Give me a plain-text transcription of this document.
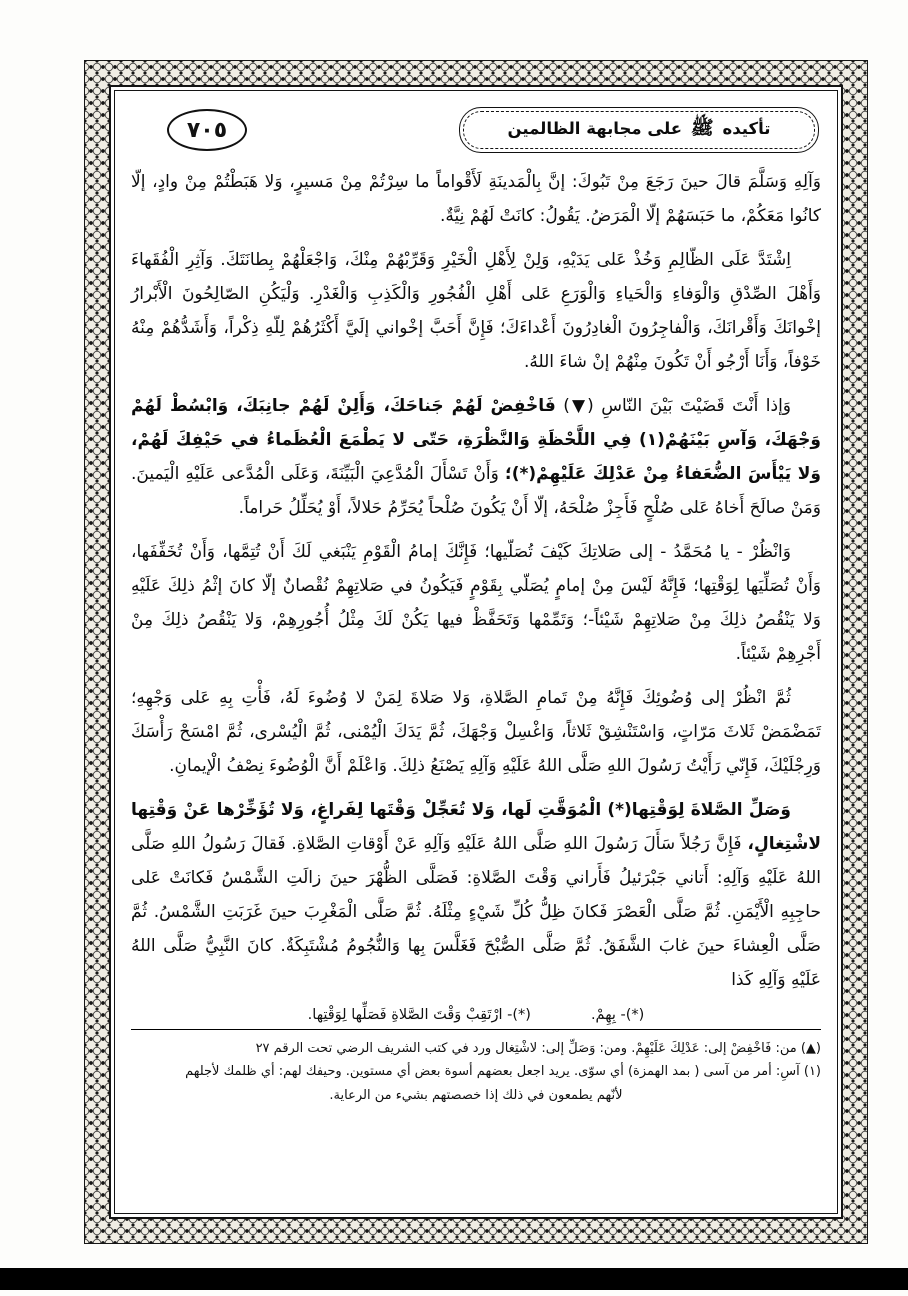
٧٠٥	تأكيده ﷺ على مجابهة الظالمين

وَآلِهِ وَسَلَّمَ قالَ حينَ رَجَعَ مِنْ تَبُوكَ: إنَّ بِالْمَدينَةِ لَأَقْواماً ما سِرْتُمْ مِنْ مَسيرٍ، وَلا هَبَطْتُمْ مِنْ وادٍ، إلّا كانُوا مَعَكُمْ، ما حَبَسَهُمْ إلّا الْمَرَضُ. يَقُولُ: كانَتْ لَهُمْ نِيَّةٌ.

اِشْتَدَّ عَلَى الظّالِمِ وَخُذْ عَلى يَدَيْهِ، وَلِنْ لِأَهْلِ الْخَيْرِ وَقَرِّبْهُمْ مِنْكَ، وَاجْعَلْهُمْ بِطانَتَكَ. وَآثِرِ الْفُقَهاءَ وَأَهْلَ الصِّدْقِ وَالْوَفاءِ وَالْحَياءِ وَالْوَرَعِ عَلى أَهْلِ الْفُجُورِ وَالْكَذِبِ وَالْغَدْرِ. وَلْيَكُنِ الصّالِحُونَ الْأَبْرارُ إخْوانَكَ وَأَقْرانَكَ، وَالْفاجِرُونَ الْغادِرُونَ أَعْداءَكَ؛ فَإِنَّ أَحَبَّ إخْواني إلَيَّ أَكْثَرُهُمْ لِلّهِ ذِكْراً، وَأَشَدُّهُمْ مِنْهُ خَوْفاً، وَأَنَا أَرْجُو أَنْ تَكُونَ مِنْهُمْ إنْ شاءَ اللهُ.

وَإذا أَنْتَ قَضَيْتَ بَيْنَ النّاسِ (▼) فَاخْفِضْ لَهُمْ جَناحَكَ، وَأَلِنْ لَهُمْ جانِبَكَ، وَابْسُطْ لَهُمْ وَجْهَكَ، وَآسِ بَيْنَهُمْ(١) فِي اللَّحْظَةِ وَالنَّظْرَةِ، حَتّى لا يَطْمَعَ الْعُظَماءُ في حَيْفِكَ لَهُمْ، وَلا يَيْأَسَ الضُّعَفاءُ مِنْ عَدْلِكَ عَلَيْهِمْ(*)؛ وَأَنْ تَسْأَلَ الْمُدَّعِيَ الْبَيِّنَةَ، وَعَلَى الْمُدَّعى عَلَيْهِ الْيَمينَ. وَمَنْ صالَحَ أَخاهُ عَلى صُلْحٍ فَأَجِزْ صُلْحَهُ، إلّا أَنْ يَكُونَ صُلْحاً يُحَرِّمُ حَلالاً، أَوْ يُحَلِّلُ حَراماً.

وَانْظُرْ - يا مُحَمَّدُ - إلى صَلاتِكَ كَيْفَ تُصَلّيها؛ فَإِنَّكَ إمامُ الْقَوْمِ يَنْبَغي لَكَ أَنْ تُتِمَّها، وَأَنْ تُخَفِّفَها، وَأَنْ تُصَلِّيَها لِوَقْتِها؛ فَإِنَّهُ لَيْسَ مِنْ إمامٍ يُصَلّي بِقَوْمٍ فَيَكُونُ في صَلاتِهِمْ نُقْصانٌ إلّا كانَ إثْمُ ذلِكَ عَلَيْهِ وَلا يَنْقُصُ ذلِكَ مِنْ صَلاتِهِمْ شَيْئاً-؛ وَتَمِّمْها وَتَحَفَّظْ فيها يَكُنْ لَكَ مِثْلُ أُجُورِهِمْ، وَلا يَنْقُصُ ذلِكَ مِنْ أَجْرِهِمْ شَيْئاً.

ثُمَّ انْظُرْ إلى وُضُوئِكَ فَإِنَّهُ مِنْ تَمامِ الصَّلاةِ، وَلا صَلاةَ لِمَنْ لا وُضُوءَ لَهُ، فَأْتِ بِهِ عَلى وَجْهِهِ؛ تَمَضْمَضْ ثَلاثَ مَرّاتٍ، وَاسْتَنْشِقْ ثَلاثاً، وَاغْسِلْ وَجْهَكَ، ثُمَّ يَدَكَ الْيُمْنى، ثُمَّ الْيُسْرى، ثُمَّ امْسَحْ رَأْسَكَ وَرِجْلَيْكَ، فَإِنّي رَأَيْتُ رَسُولَ اللهِ صَلَّى اللهُ عَلَيْهِ وَآلِهِ يَصْنَعُ ذلِكَ. وَاعْلَمْ أَنَّ الْوُضُوءَ نِصْفُ الْإيمانِ.

وَصَلِّ الصَّلاةَ لِوَقْتِها(*) الْمُوَقَّتِ لَها، وَلا تُعَجِّلْ وَقْتَها لِفَراغٍ، وَلا تُؤَخِّرْها عَنْ وَقْتِها لاشْتِغالٍ، فَإِنَّ رَجُلاً سَأَلَ رَسُولَ اللهِ صَلَّى اللهُ عَلَيْهِ وَآلِهِ عَنْ أَوْقاتِ الصَّلاةِ. فَقالَ رَسُولُ اللهِ صَلَّى اللهُ عَلَيْهِ وَآلِهِ: أَتاني جَبْرَئيلُ فَأَراني وَقْتَ الصَّلاةِ: فَصَلَّى الظُّهْرَ حينَ زالَتِ الشَّمْسُ فَكانَتْ عَلى حاجِبِهِ الْأَيْمَنِ. ثُمَّ صَلَّى الْعَصْرَ فَكانَ ظِلُّ كُلِّ شَيْءٍ مِثْلَهُ. ثُمَّ صَلَّى الْمَغْرِبَ حينَ غَرَبَتِ الشَّمْسُ. ثُمَّ صَلَّى الْعِشاءَ حينَ غابَ الشَّفَقُ. ثُمَّ صَلَّى الصُّبْحَ فَغَلَّسَ بِها وَالنُّجُومُ مُشْتَبِكَةٌ. كانَ النَّبِيُّ صَلَّى اللهُ عَلَيْهِ وَآلِهِ كَذا

(*)- بِهِمْ.
(*)- ارْتَقِبْ وَقْتَ الصَّلاةِ فَصَلِّها لِوَقْتِها.
(▲) من: فَاخْفِضْ إلى: عَدْلِكَ عَلَيْهِمْ. ومن: وَصَلِّ إلى: لاشْتِغال ورد في كتب الشريف الرضي تحت الرقم ٢٧
(١) آسِ: أمر من آسى ( بمد الهمزة) أي سوّى. يريد اجعل بعضهم أسوة بعض أي مستوين. وحيفك لهم: أي ظلمك لأجلهم
لأنّهم يطمعون في ذلك إذا خصصتهم بشيء من الرعاية.
